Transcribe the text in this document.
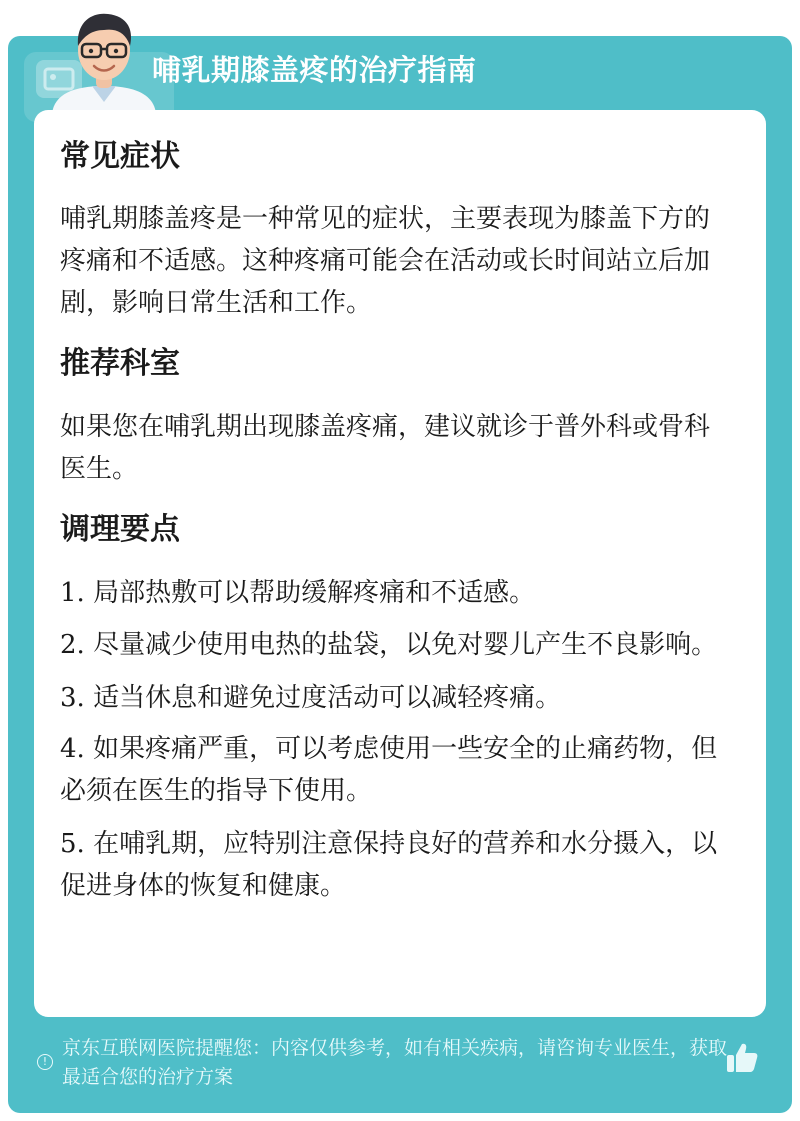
哺乳期膝盖疼的治疗指南
常见症状

哺乳期膝盖疼是一种常见的症状，主要表现为膝盖下方的疼痛和不适感。这种疼痛可能会在活动或长时间站立后加剧，影响日常生活和工作。

推荐科室

如果您在哺乳期出现膝盖疼痛，建议就诊于普外科或骨科医生。

调理要点

1. 局部热敷可以帮助缓解疼痛和不适感。

2. 尽量减少使用电热的盐袋，以免对婴儿产生不良影响。

3. 适当休息和避免过度活动可以减轻疼痛。

4. 如果疼痛严重，可以考虑使用一些安全的止痛药物，但必须在医生的指导下使用。

5. 在哺乳期，应特别注意保持良好的营养和水分摄入，以促进身体的恢复和健康。

!
京东互联网医院提醒您：内容仅供参考，如有相关疾病，请咨询专业医生，获取最适合您的治疗方案
